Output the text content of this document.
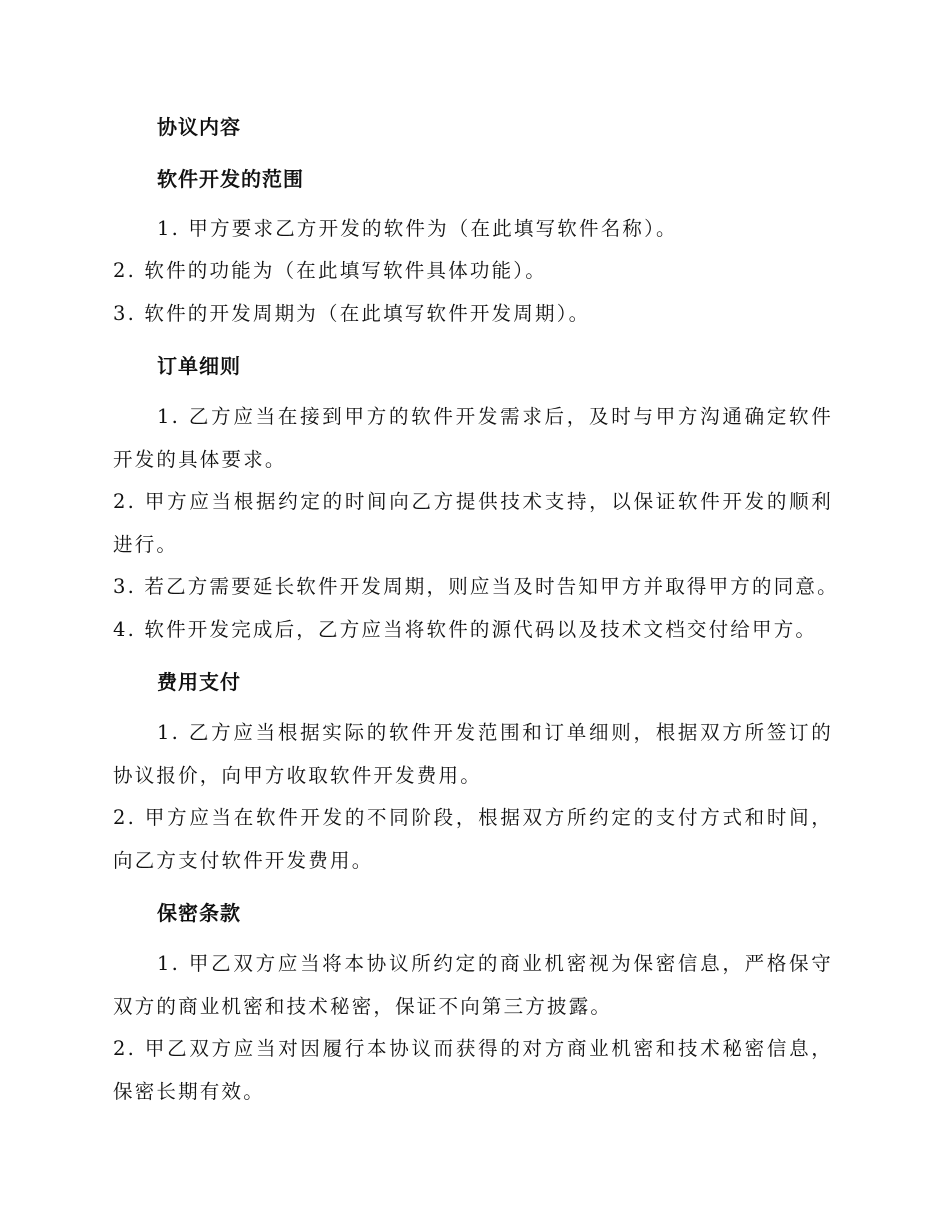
协议内容
软件开发的范围
1. 甲方要求乙方开发的软件为（在此填写软件名称）。
2. 软件的功能为（在此填写软件具体功能）。
3. 软件的开发周期为（在此填写软件开发周期）。
订单细则
1. 乙方应当在接到甲方的软件开发需求后，及时与甲方沟通确定软件开发的具体要求。
2. 甲方应当根据约定的时间向乙方提供技术支持，以保证软件开发的顺利进行。
3. 若乙方需要延长软件开发周期，则应当及时告知甲方并取得甲方的同意。
4. 软件开发完成后，乙方应当将软件的源代码以及技术文档交付给甲方。
费用支付
1. 乙方应当根据实际的软件开发范围和订单细则，根据双方所签订的协议报价，向甲方收取软件开发费用。
2. 甲方应当在软件开发的不同阶段，根据双方所约定的支付方式和时间，向乙方支付软件开发费用。
保密条款
1. 甲乙双方应当将本协议所约定的商业机密视为保密信息，严格保守双方的商业机密和技术秘密，保证不向第三方披露。
2. 甲乙双方应当对因履行本协议而获得的对方商业机密和技术秘密信息，保密长期有效。
